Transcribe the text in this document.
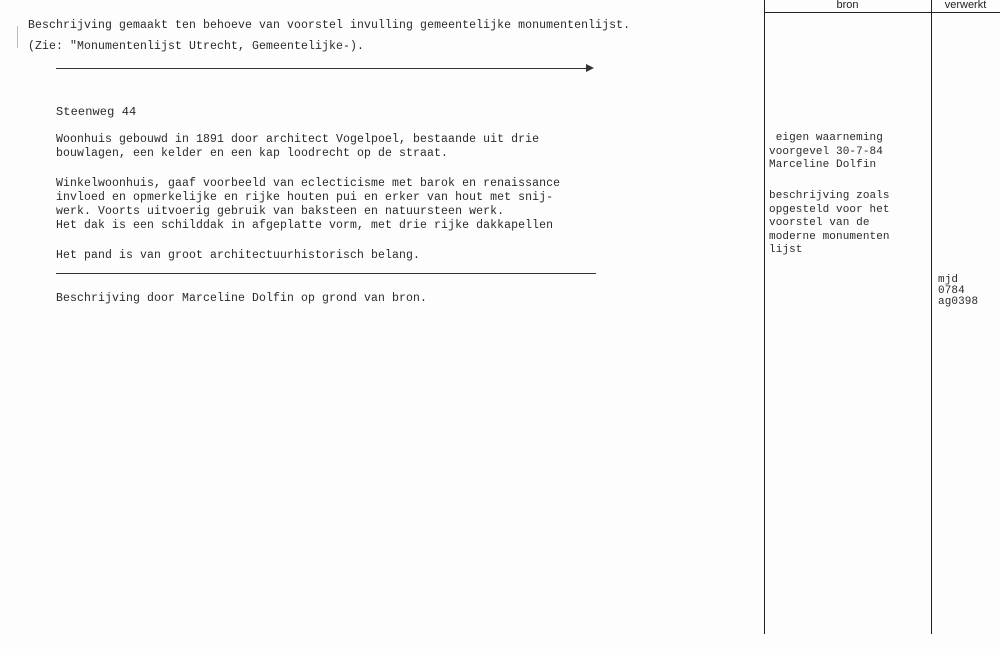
Beschrijving gemaakt ten behoeve van voorstel invulling gemeentelijke monumentenlijst.
(Zie: "Monumentenlijst Utrecht, Gemeentelijke-).
Steenweg 44
Woonhuis gebouwd in 1891 door architect Vogelpoel, bestaande uit drie
bouwlagen, een kelder en een kap loodrecht op de straat.
Winkelwoonhuis, gaaf voorbeeld van eclecticisme met barok en renaissance
invloed en opmerkelijke en rijke houten pui en erker van hout met snij-
werk. Voorts uitvoerig gebruik van baksteen en natuursteen werk.
Het dak is een schilddak in afgeplatte vorm, met drie rijke dakkapellen
Het pand is van groot architectuurhistorisch belang.
Beschrijving door Marceline Dolfin op grond van bron.
bron	verwerkt
eigen waarneming
voorgevel 30-7-84
Marceline Dolfin
beschrijving zoals
opgesteld voor het
voorstel van de
moderne monumenten
lijst
mjd
0784
ag0398
